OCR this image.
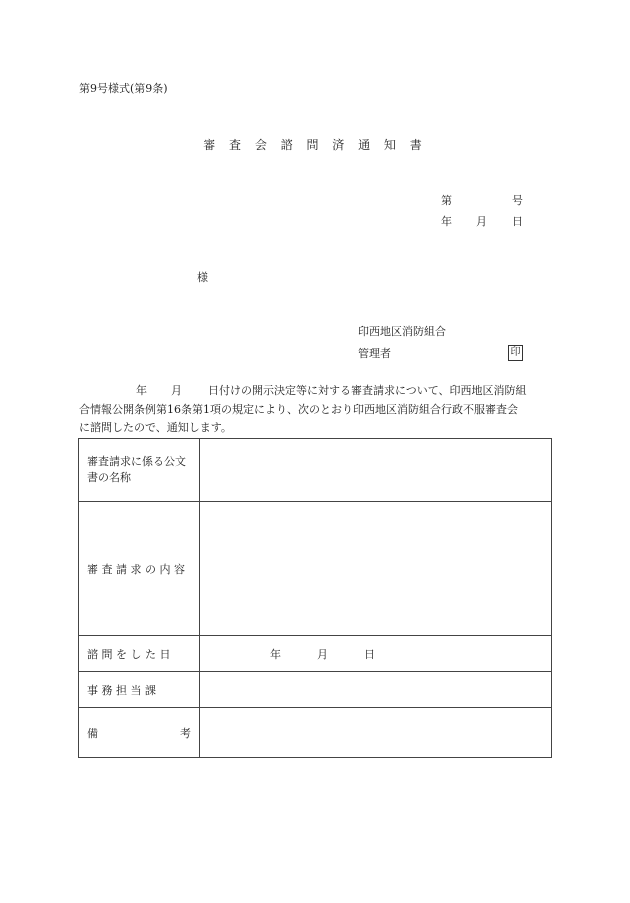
第9号様式(第9条)
審 査 会 諮 問 済 通 知 書
第	号
年 月 日
様
印西地区消防組合
管理者	印
年 月 日付けの開示決定等に対する審査請求について、印西地区消防組
合情報公開条例第16条第1項の規定により、次のとおり印西地区消防組合行政不服審査会
に諮問したので、通知します。
審査請求に係る公文書の名称	
審 査 請 求 の 内 容	
諮 問 を し た 日	年 月 日
事 務 担 当 課	

備 考	
